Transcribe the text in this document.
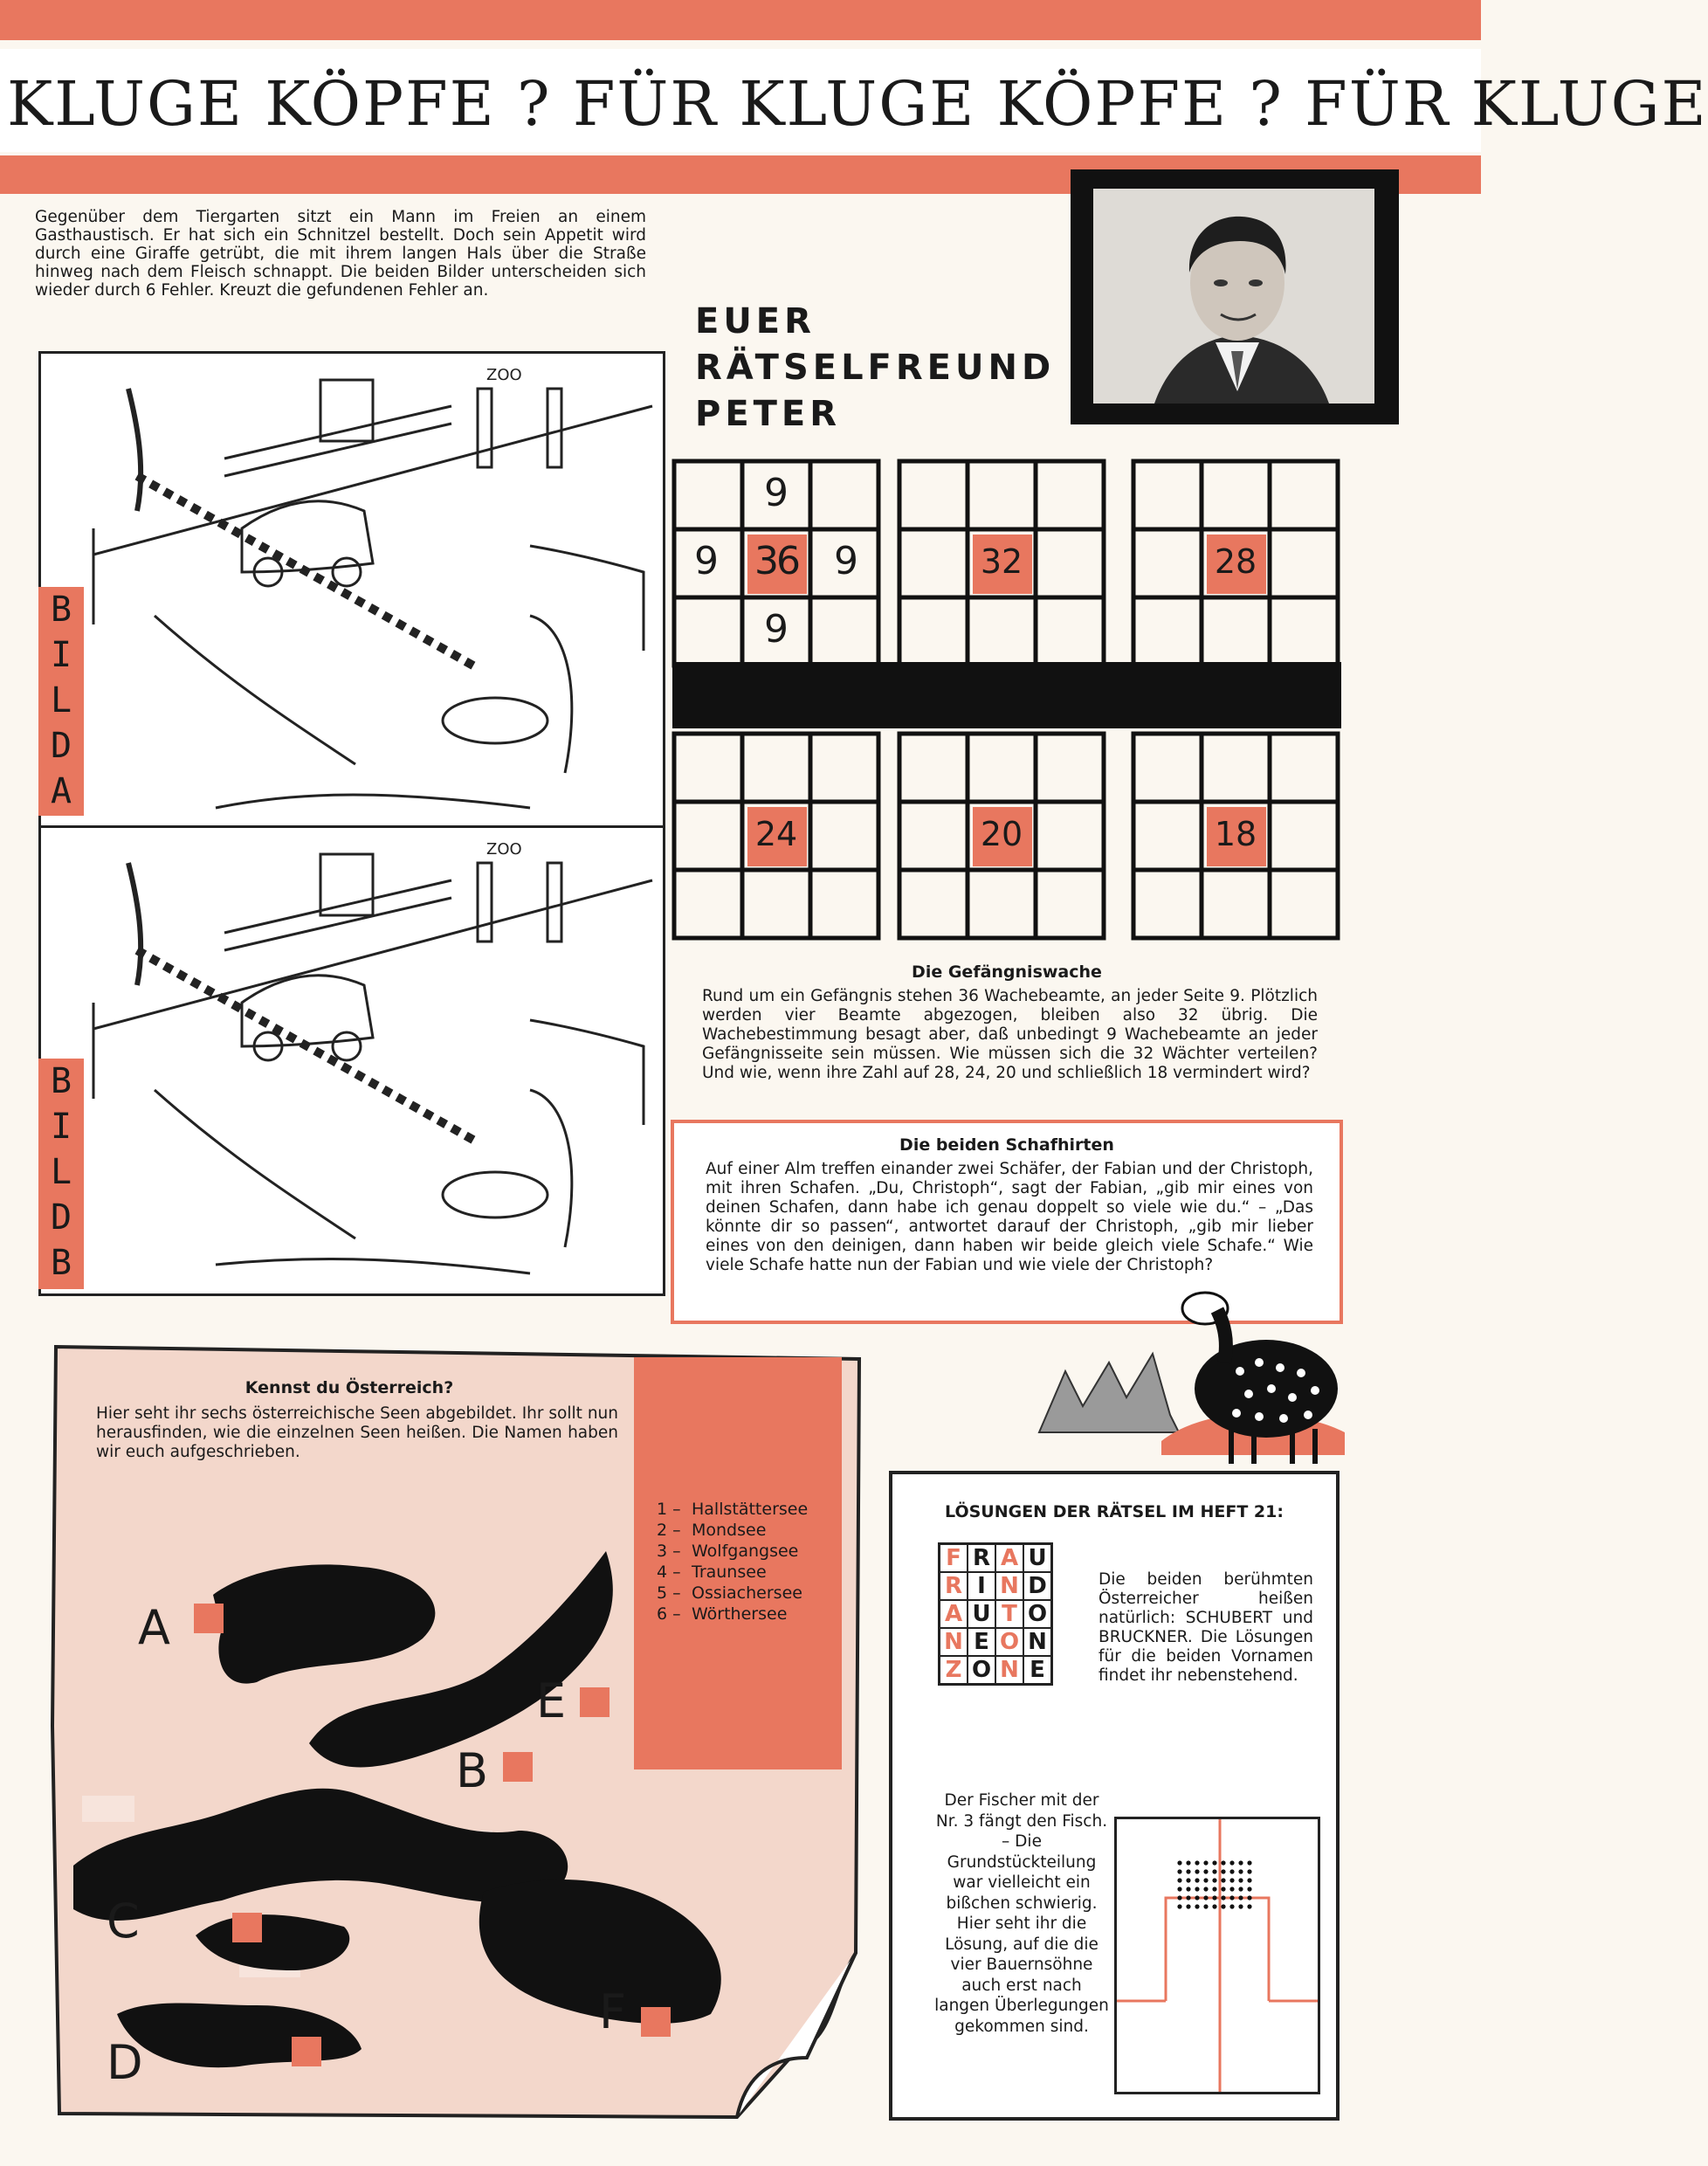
KLUGE KÖPFE ? FÜR KLUGE KÖPFE ? FÜR KLUGE
Gegenüber dem Tiergarten sitzt ein Mann im Freien an einem Gasthaustisch. Er hat sich ein Schnitzel bestellt. Doch sein Appetit wird durch eine Giraffe getrübt, die mit ihrem langen Hals über die Straße hinweg nach dem Fleisch schnappt. Die beiden Bilder unterscheiden sich wieder durch 6 Fehler. Kreuzt die gefundenen Fehler an.
EUER
RÄTSELFREUND
PETER
ZOO
ZOO
B
I
L
D
A
B
I
L
D
B
9
9 36 9
9
32	28
24	20	18
Die Gefängniswache
Rund um ein Gefängnis stehen 36 Wachebeamte, an jeder Seite 9. Plötzlich werden vier Beamte abgezogen, bleiben also 32 übrig. Die Wachebestimmung besagt aber, daß unbedingt 9 Wachebeamte an jeder Gefängnisseite sein müssen. Wie müssen sich die 32 Wächter verteilen? Und wie, wenn ihre Zahl auf 28, 24, 20 und schließlich 18 vermindert wird?
Die beiden Schafhirten
Auf einer Alm treffen einander zwei Schäfer, der Fabian und der Christoph, mit ihren Schafen. „Du, Christoph“, sagt der Fabian, „gib mir eines von deinen Schafen, dann habe ich genau doppelt so viele wie du.“ – „Das könnte dir so passen“, antwortet darauf der Christoph, „gib mir lieber eines von den deinigen, dann haben wir beide gleich viele Schafe.“ Wie viele Schafe hatte nun der Fabian und wie viele der Christoph?
Kennst du Österreich?
Hier seht ihr sechs österreichische Seen abgebildet. Ihr sollt nun herausfinden, wie die einzelnen Seen heißen. Die Namen haben wir euch aufgeschrieben.
1 – Hallstättersee
2 – Mondsee
3 – Wolfgangsee
4 – Traunsee
5 – Ossiachersee
6 – Wörthersee
A
E
B
C
F
D
LÖSUNGEN DER RÄTSEL IM HEFT 21:
F	R	A	U
R	I	N	D
A	U	T	O
N	E	O	N
Z	O	N	E
Die beiden berühmten Österreicher heißen natürlich: SCHUBERT und BRUCKNER. Die Lösungen für die beiden Vornamen findet ihr nebenstehend.
Der Fischer mit der Nr. 3 fängt den Fisch. – Die Grundstückteilung war vielleicht ein bißchen schwierig. Hier seht ihr die Lösung, auf die die vier Bauernsöhne auch erst nach langen Überlegungen gekommen sind.
